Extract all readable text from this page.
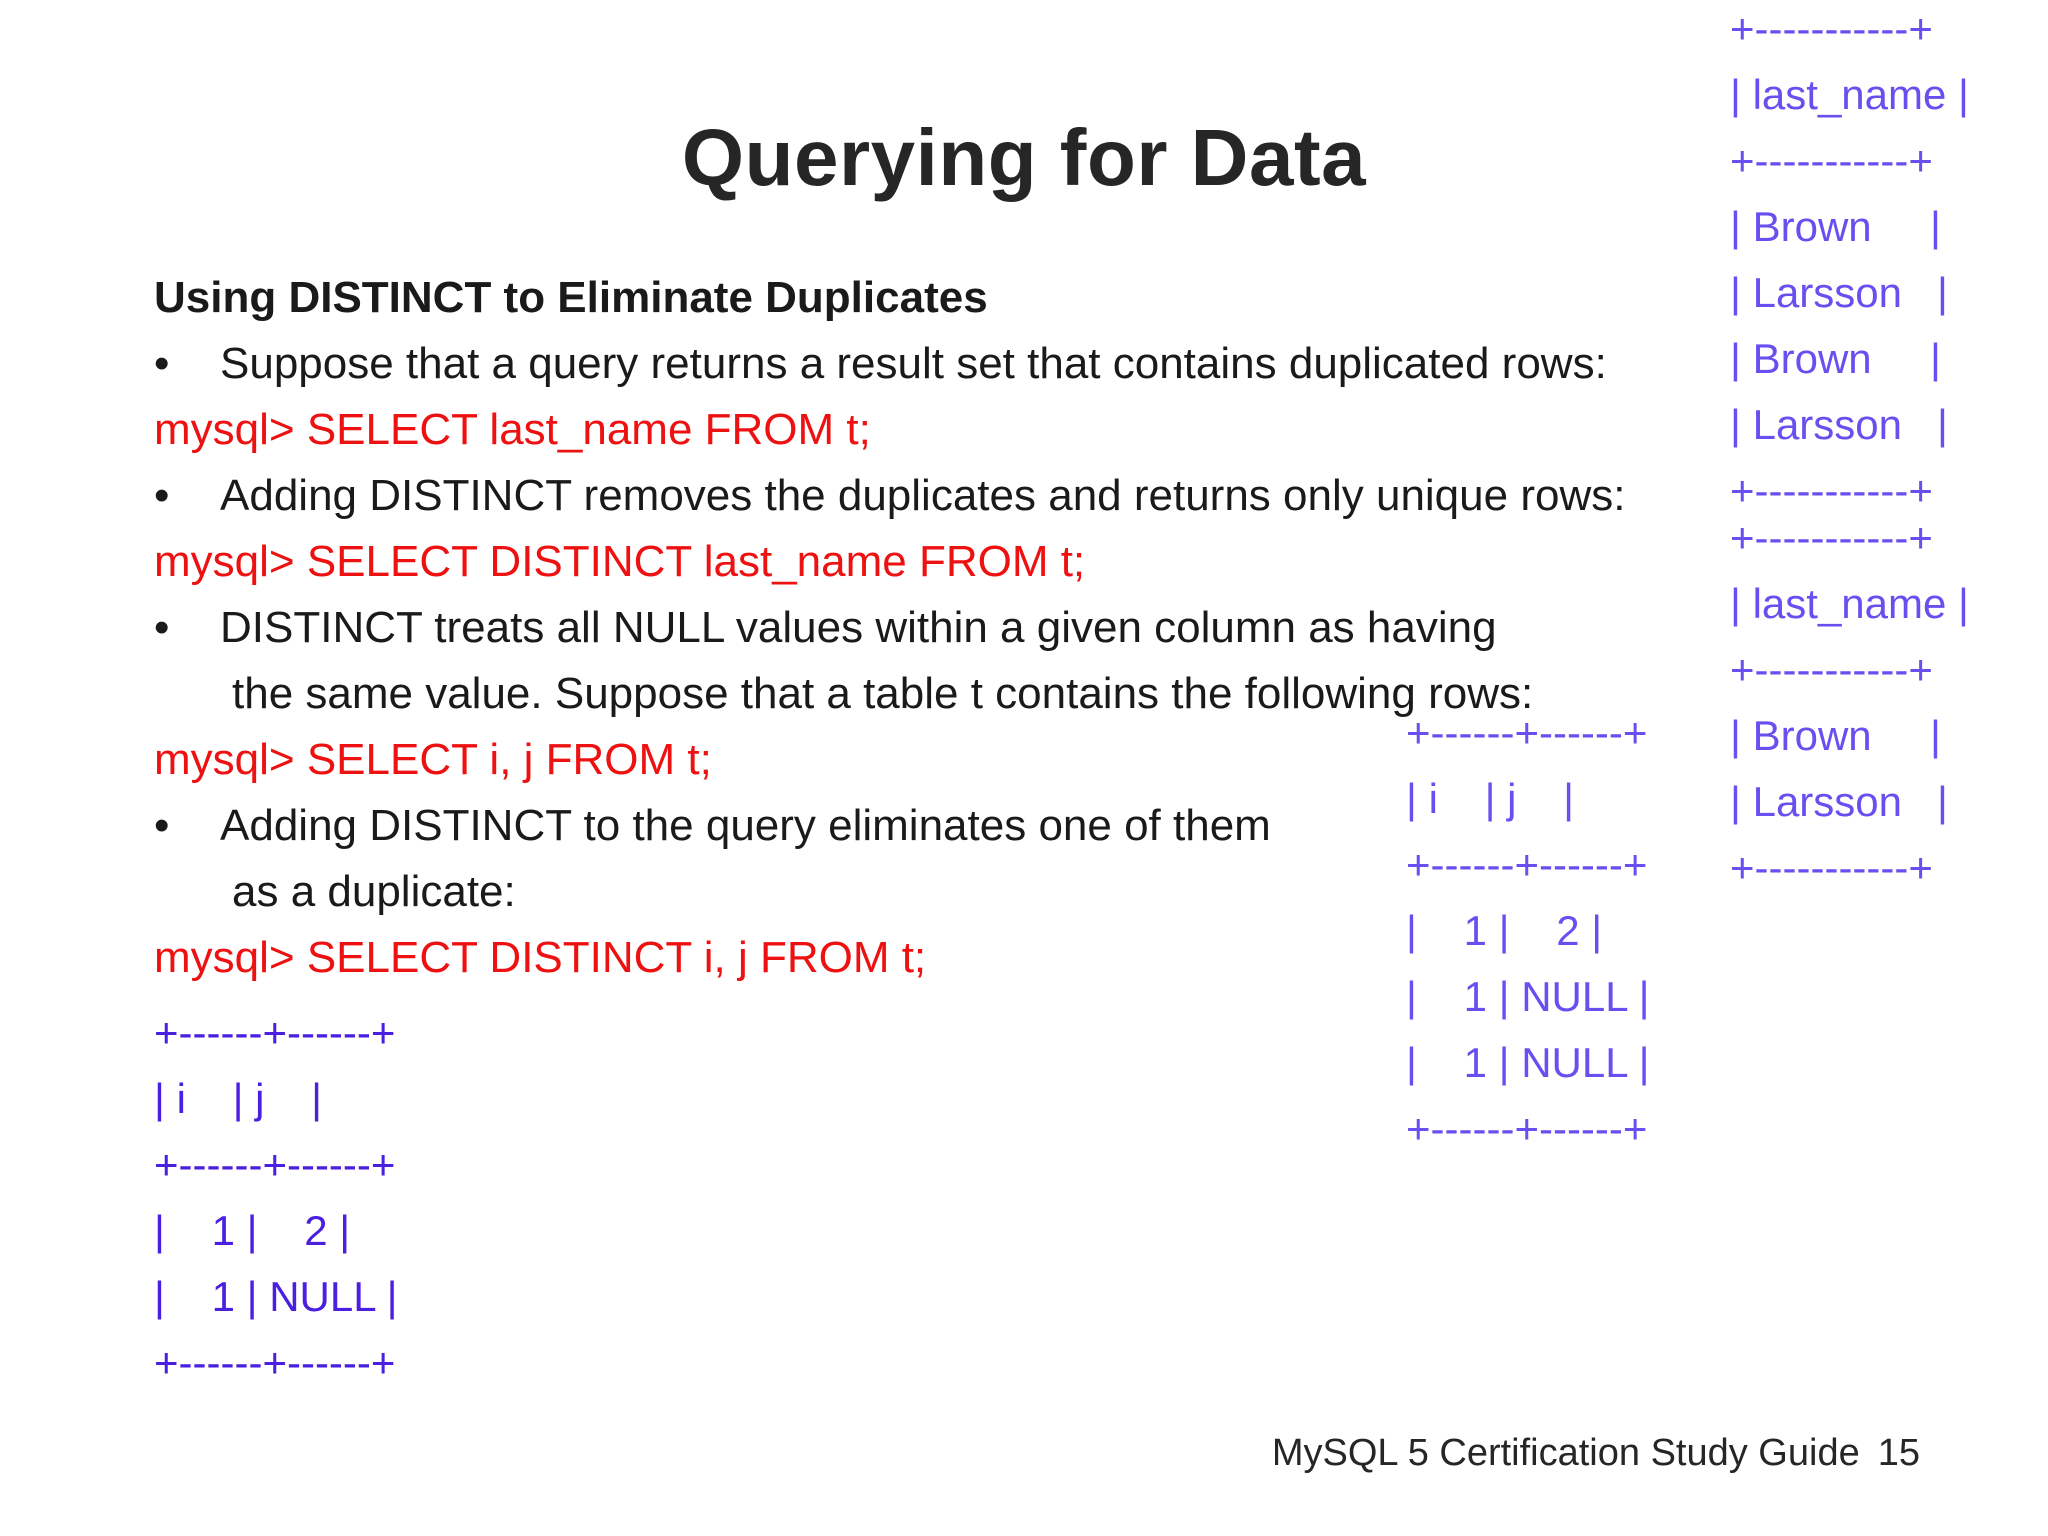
Querying for Data
Using DISTINCT to Eliminate Duplicates
•	Suppose that a query returns a result set that contains duplicated rows:
mysql> SELECT last_name FROM t;
•	Adding DISTINCT removes the duplicates and returns only unique rows:
mysql> SELECT DISTINCT last_name FROM t;
•	DISTINCT treats all NULL values within a given column as having
the same value. Suppose that a table t contains the following rows:
mysql> SELECT i, j FROM t;
•	Adding DISTINCT to the query eliminates one of them
as a duplicate:
mysql> SELECT DISTINCT i, j FROM t;
+------+------+
| i    | j    |
+------+------+
|    1 |    2 |
|    1 | NULL |
+------+------+
+------+------+
| i    | j    |
+------+------+
|    1 |    2 |
|    1 | NULL |
|    1 | NULL |
+------+------+
+-----------+
| last_name |
+-----------+
| Brown     |
| Larsson   |
| Brown     |
| Larsson   |
+-----------+
+-----------+
| last_name |
+-----------+
| Brown     |
| Larsson   |
+-----------+
MySQL 5 Certification Study Guide 15
